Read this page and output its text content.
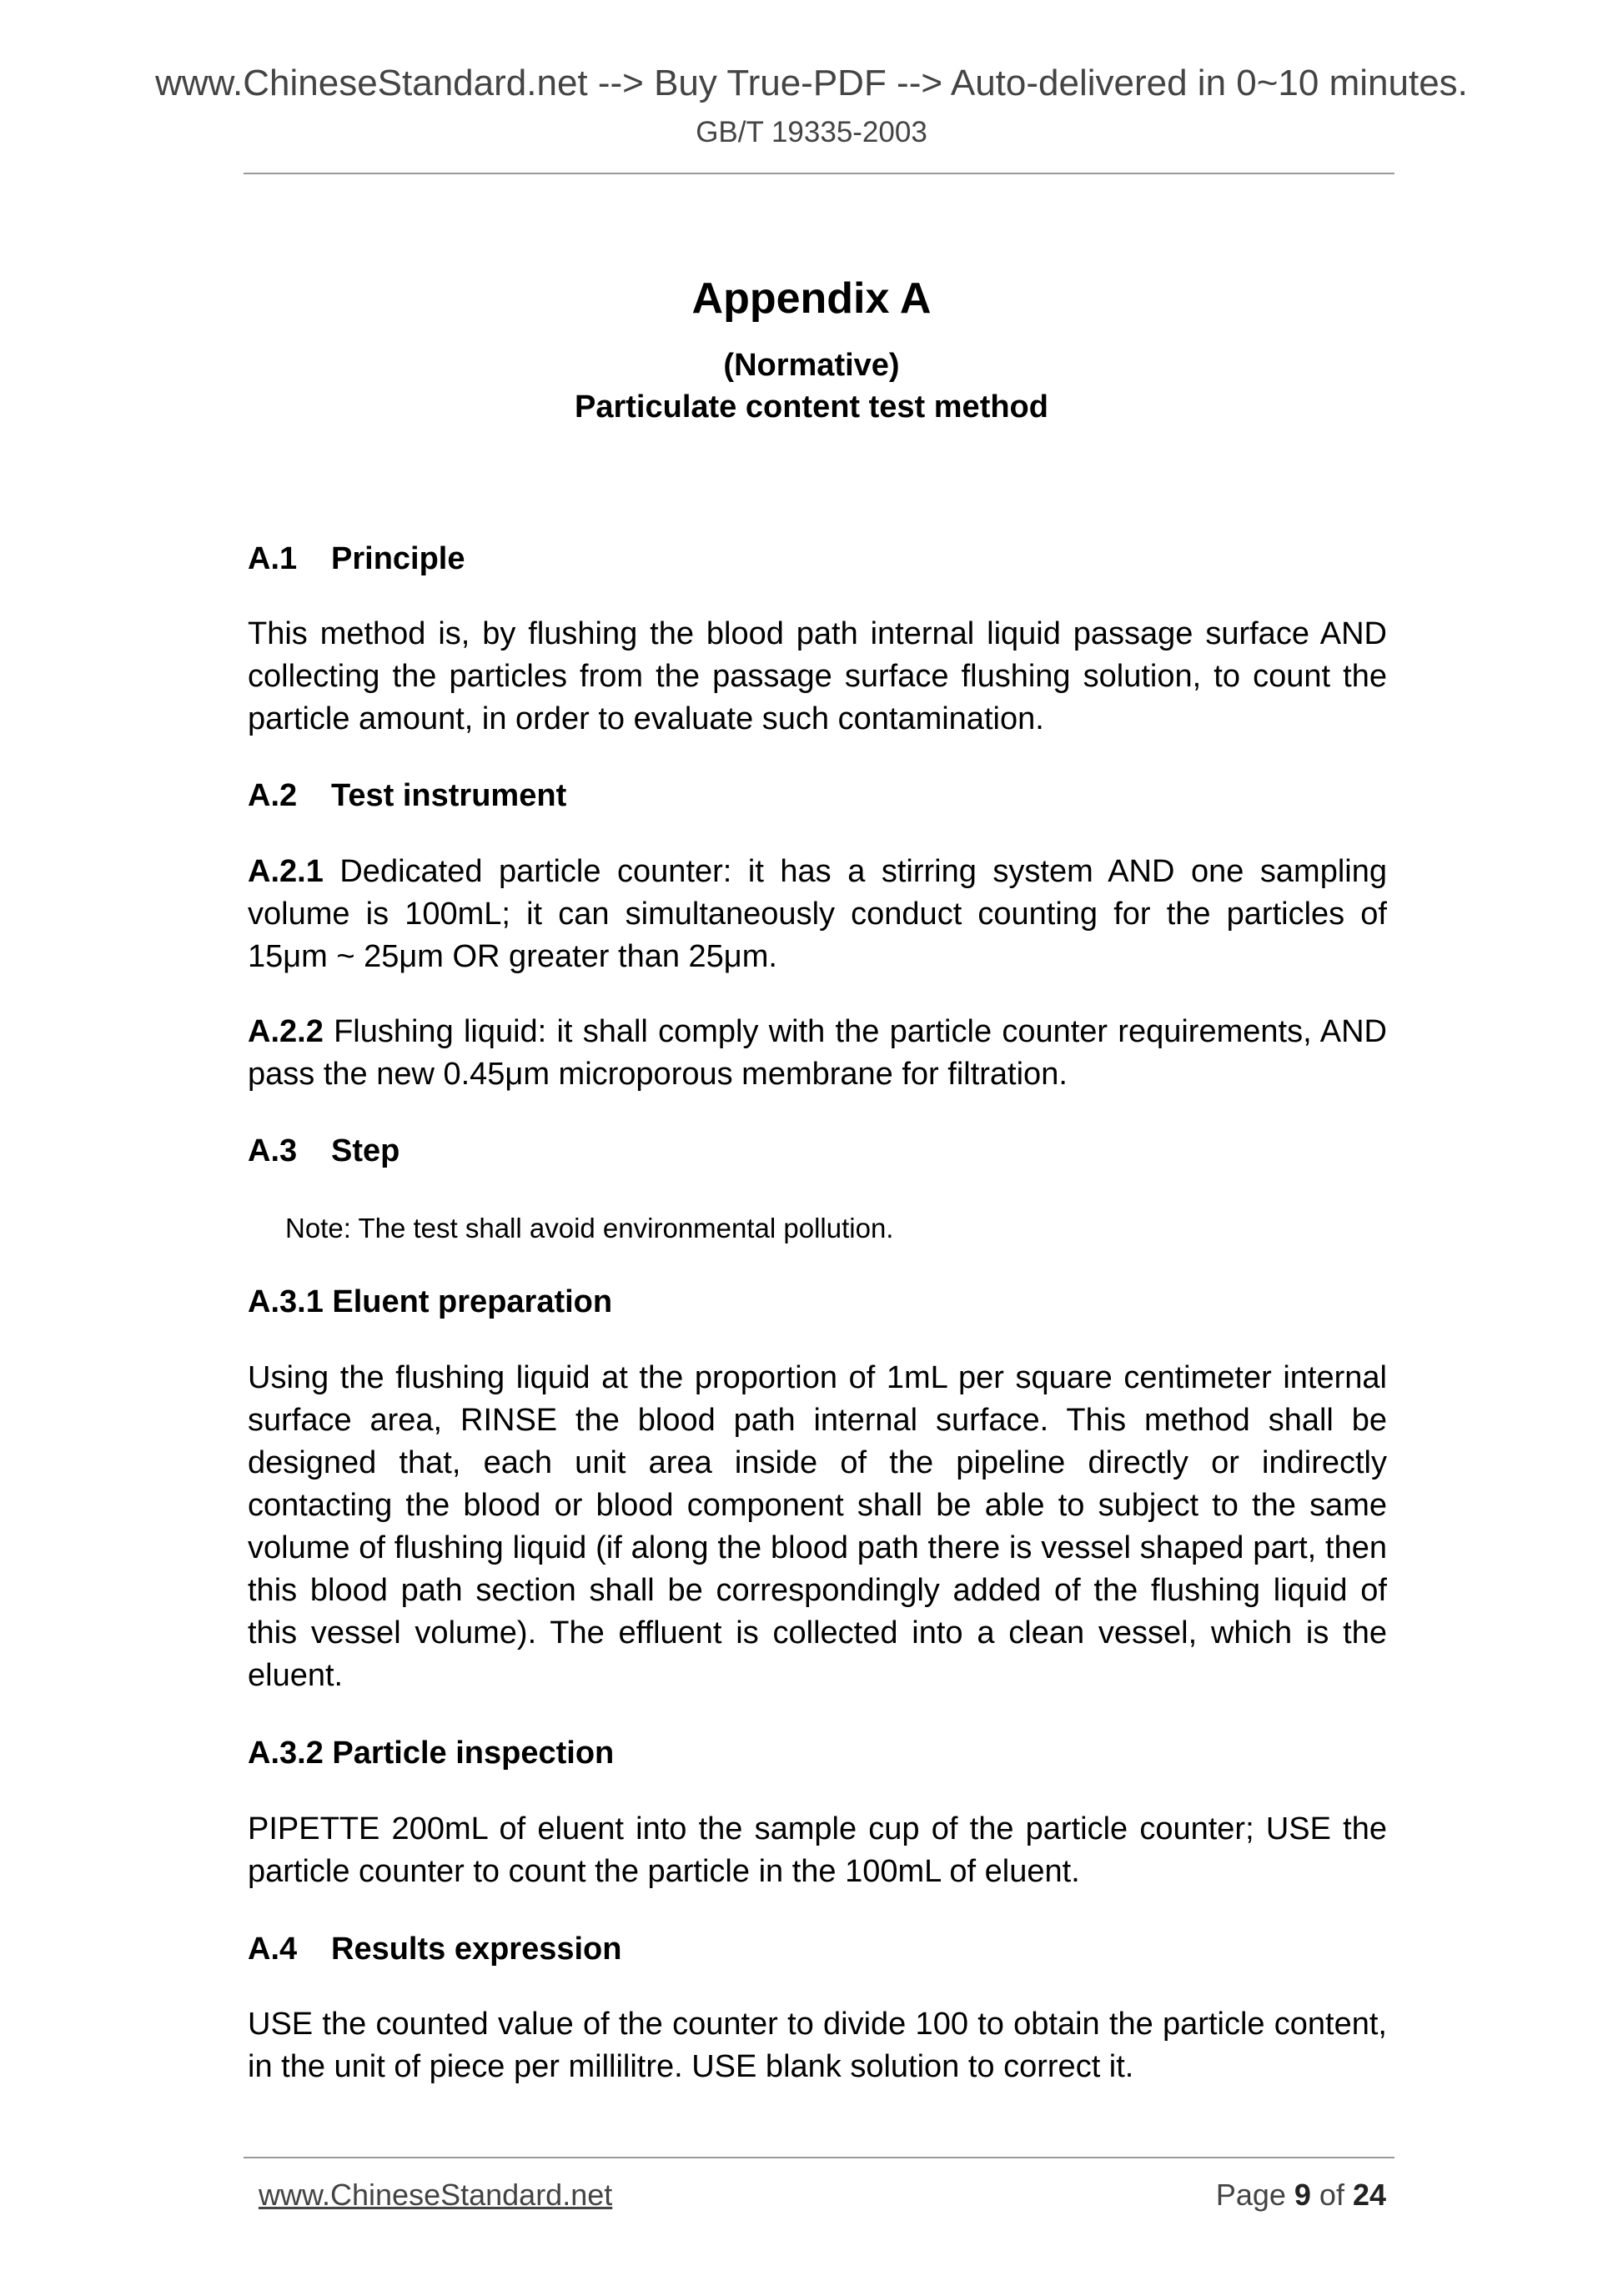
www.ChineseStandard.net --> Buy True-PDF --> Auto-delivered in 0~10 minutes.
GB/T 19335-2003
Appendix A
(Normative)
Particulate content test method
A.1 Principle
This method is, by flushing the blood path internal liquid passage surface AND collecting the particles from the passage surface flushing solution, to count the particle amount, in order to evaluate such contamination.
A.2 Test instrument
A.2.1 Dedicated particle counter: it has a stirring system AND one sampling volume is 100mL; it can simultaneously conduct counting for the particles of 15μm ~ 25μm OR greater than 25μm.
A.2.2 Flushing liquid: it shall comply with the particle counter requirements, AND pass the new 0.45μm microporous membrane for filtration.
A.3 Step
Note: The test shall avoid environmental pollution.
A.3.1 Eluent preparation
Using the flushing liquid at the proportion of 1mL per square centimeter internal surface area, RINSE the blood path internal surface. This method shall be designed that, each unit area inside of the pipeline directly or indirectly contacting the blood or blood component shall be able to subject to the same volume of flushing liquid (if along the blood path there is vessel shaped part, then this blood path section shall be correspondingly added of the flushing liquid of this vessel volume). The effluent is collected into a clean vessel, which is the eluent.
A.3.2 Particle inspection
PIPETTE 200mL of eluent into the sample cup of the particle counter; USE the particle counter to count the particle in the 100mL of eluent.
A.4 Results expression
USE the counted value of the counter to divide 100 to obtain the particle content, in the unit of piece per millilitre. USE blank solution to correct it.
www.ChineseStandard.net	Page 9 of 24
